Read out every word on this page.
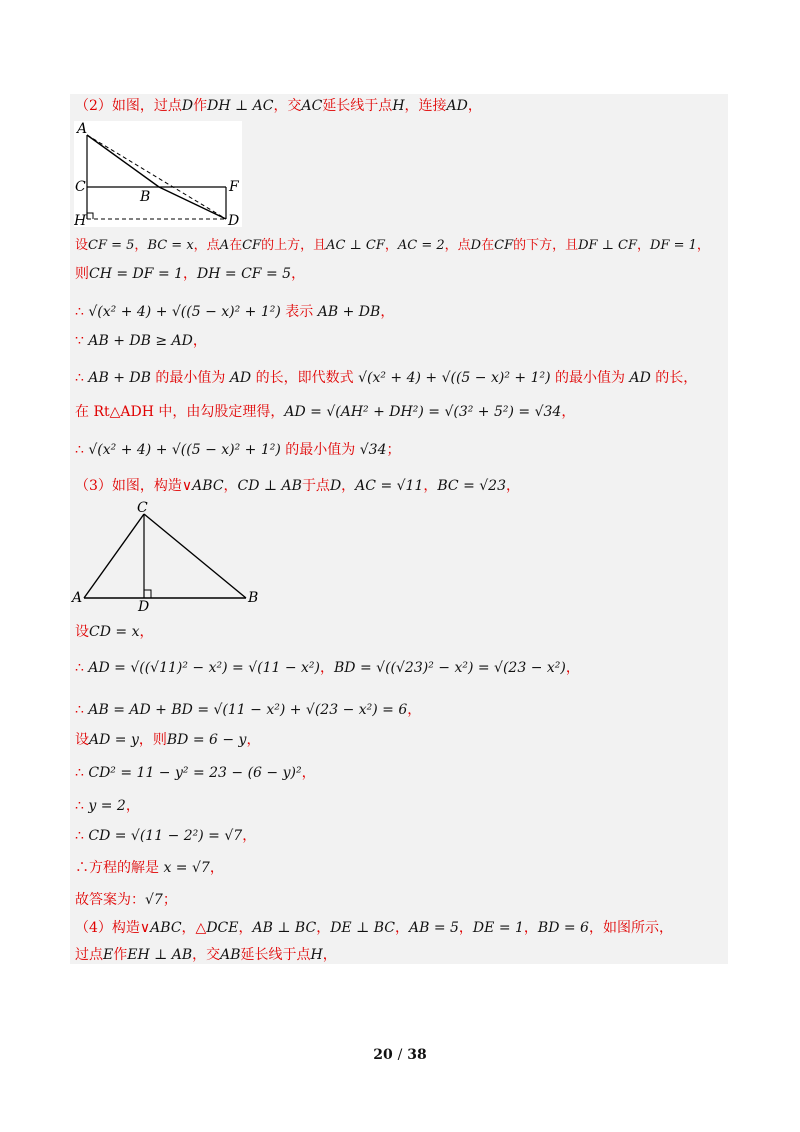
（2）如图，过点D作DH ⊥ AC，交AC延长线于点H，连接AD，
A
C
B
F
H	D
设CF = 5，BC = x，点A在CF的上方，且AC ⊥ CF，AC = 2，点D在CF的下方，且DF ⊥ CF，DF = 1，
则CH = DF = 1，DH = CF = 5，
∴ √(x² + 4) + √((5 − x)² + 1²) 表示 AB + DB，
∵ AB + DB ≥ AD，
∴ AB + DB 的最小值为 AD 的长，即代数式 √(x² + 4) + √((5 − x)² + 1²) 的最小值为 AD 的长，
在 Rt△ADH 中，由勾股定理得，AD = √(AH² + DH²) = √(3² + 5²) = √34，
∴ √(x² + 4) + √((5 − x)² + 1²) 的最小值为 √34；
（3）如图，构造∨ABC，CD ⊥ AB于点D，AC = √11，BC = √23，
C
A	B
D
设CD = x，
∴ AD = √((√11)² − x²) = √(11 − x²)，BD = √((√23)² − x²) = √(23 − x²)，
∴ AB = AD + BD = √(11 − x²) + √(23 − x²) = 6，
设AD = y，则BD = 6 − y，
∴ CD² = 11 − y² = 23 − (6 − y)²，
∴ y = 2，
∴ CD = √(11 − 2²) = √7，
∴方程的解是 x = √7，
故答案为：√7；
（4）构造∨ABC，△DCE，AB ⊥ BC，DE ⊥ BC，AB = 5，DE = 1，BD = 6，如图所示，
过点E作EH ⊥ AB，交AB延长线于点H，
20 / 38
